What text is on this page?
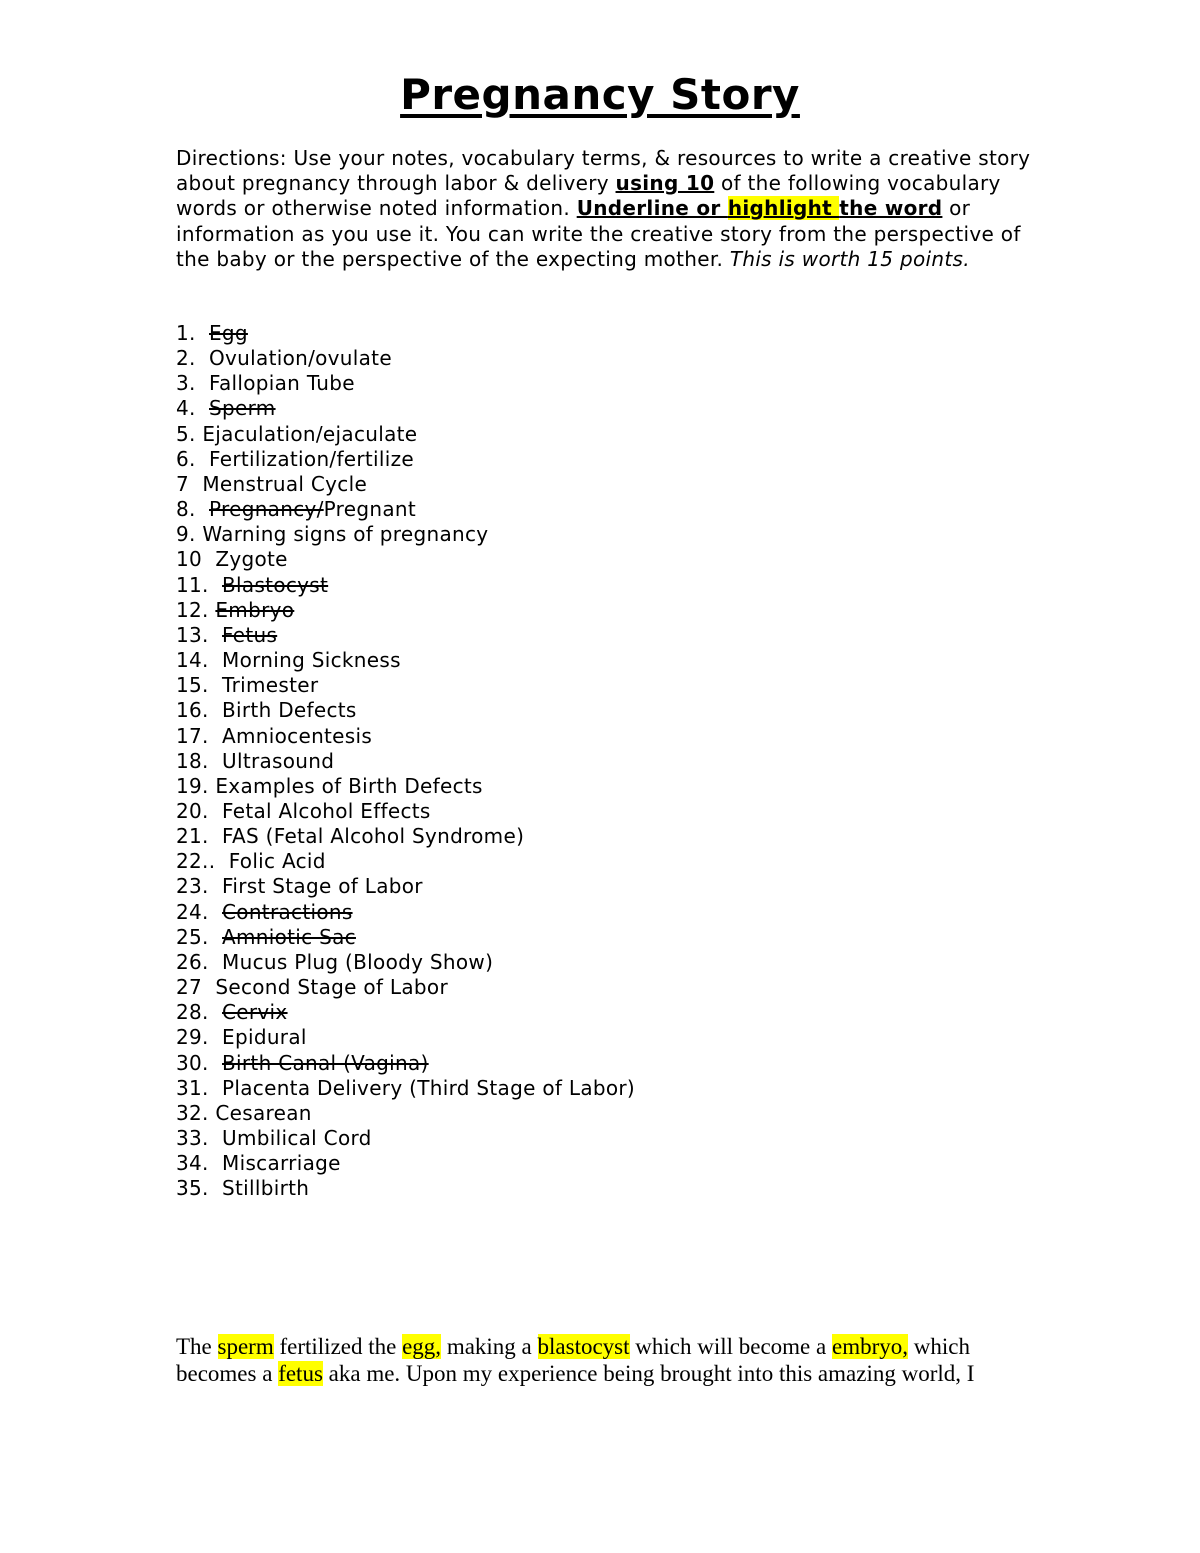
Pregnancy Story

Directions: Use your notes, vocabulary terms, & resources to write a creative story about pregnancy through labor & delivery using 10 of the following vocabulary words or otherwise noted information. Underline or highlight the word or information as you use it. You can write the creative story from the perspective of the baby or the perspective of the expecting mother. This is worth 15 points.

1.  Egg
2.  Ovulation/ovulate
3.  Fallopian Tube
4.  Sperm
5. Ejaculation/ejaculate
6.  Fertilization/fertilize
7  Menstrual Cycle
8.  Pregnancy/Pregnant
9. Warning signs of pregnancy
10  Zygote
11.  Blastocyst
12. Embryo
13.  Fetus
14.  Morning Sickness
15.  Trimester
16.  Birth Defects
17.  Amniocentesis
18.  Ultrasound
19. Examples of Birth Defects
20.  Fetal Alcohol Effects
21.  FAS (Fetal Alcohol Syndrome)
22..  Folic Acid
23.  First Stage of Labor
24.  Contractions
25.  Amniotic Sac
26.  Mucus Plug (Bloody Show)
27  Second Stage of Labor
28.  Cervix
29.  Epidural
30.  Birth Canal (Vagina)
31.  Placenta Delivery (Third Stage of Labor)
32. Cesarean
33.  Umbilical Cord
34.  Miscarriage
35.  Stillbirth

The sperm fertilized the egg, making a blastocyst which will become a embryo, which becomes a fetus aka me. Upon my experience being brought into this amazing world, I
